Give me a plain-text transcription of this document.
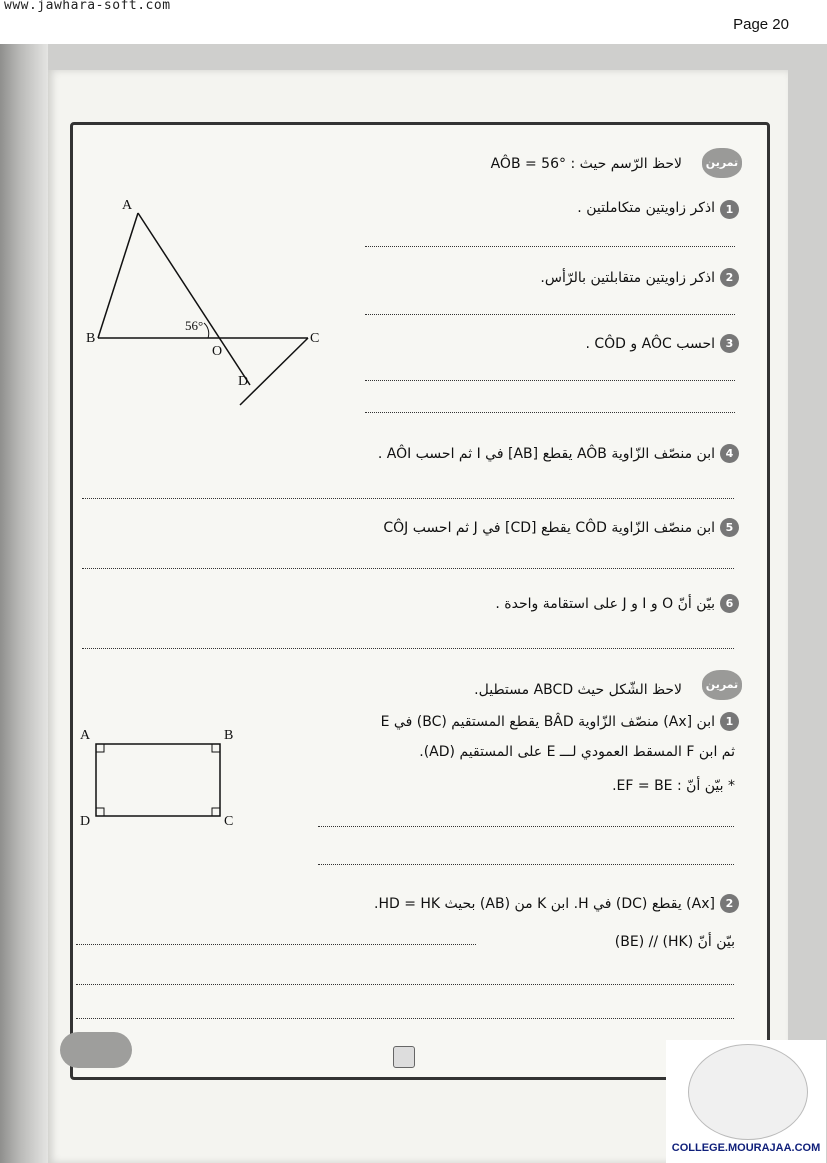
www.jawhara-soft.com
Page 20
تمرين
لاحظ الرّسم حيث : AÔB = 56°
A
B	C
D
O
56°
1
اذكر زاويتين متكاملتين .
2
اذكر زاويتين متقابلتين بالرّأس.
3
احسب AÔC و CÔD .
4
ابن منصّف الزّاوية AÔB يقطع [AB] في I ثم احسب AÔI .
5
ابن منصّف الزّاوية CÔD يقطع [CD] في J ثم احسب CÔJ
6
بيّن أنّ O و I و J على استقامة واحدة .
تمرين
لاحظ الشّكل حيث ABCD مستطيل.
A	B
C
D
1
ابن [Ax) منصّف الزّاوية BÂD يقطع المستقيم (BC) في E
ثم ابن F المسقط العمودي لـــ E على المستقيم (AD).
* بيّن أنّ : EF = BE.
2
[Ax) يقطع (DC) في H. ابن K من (AB) بحيث HD = HK.
بيّن أنّ (HK) // (BE)
COLLEGE.MOURAJAA.COM
